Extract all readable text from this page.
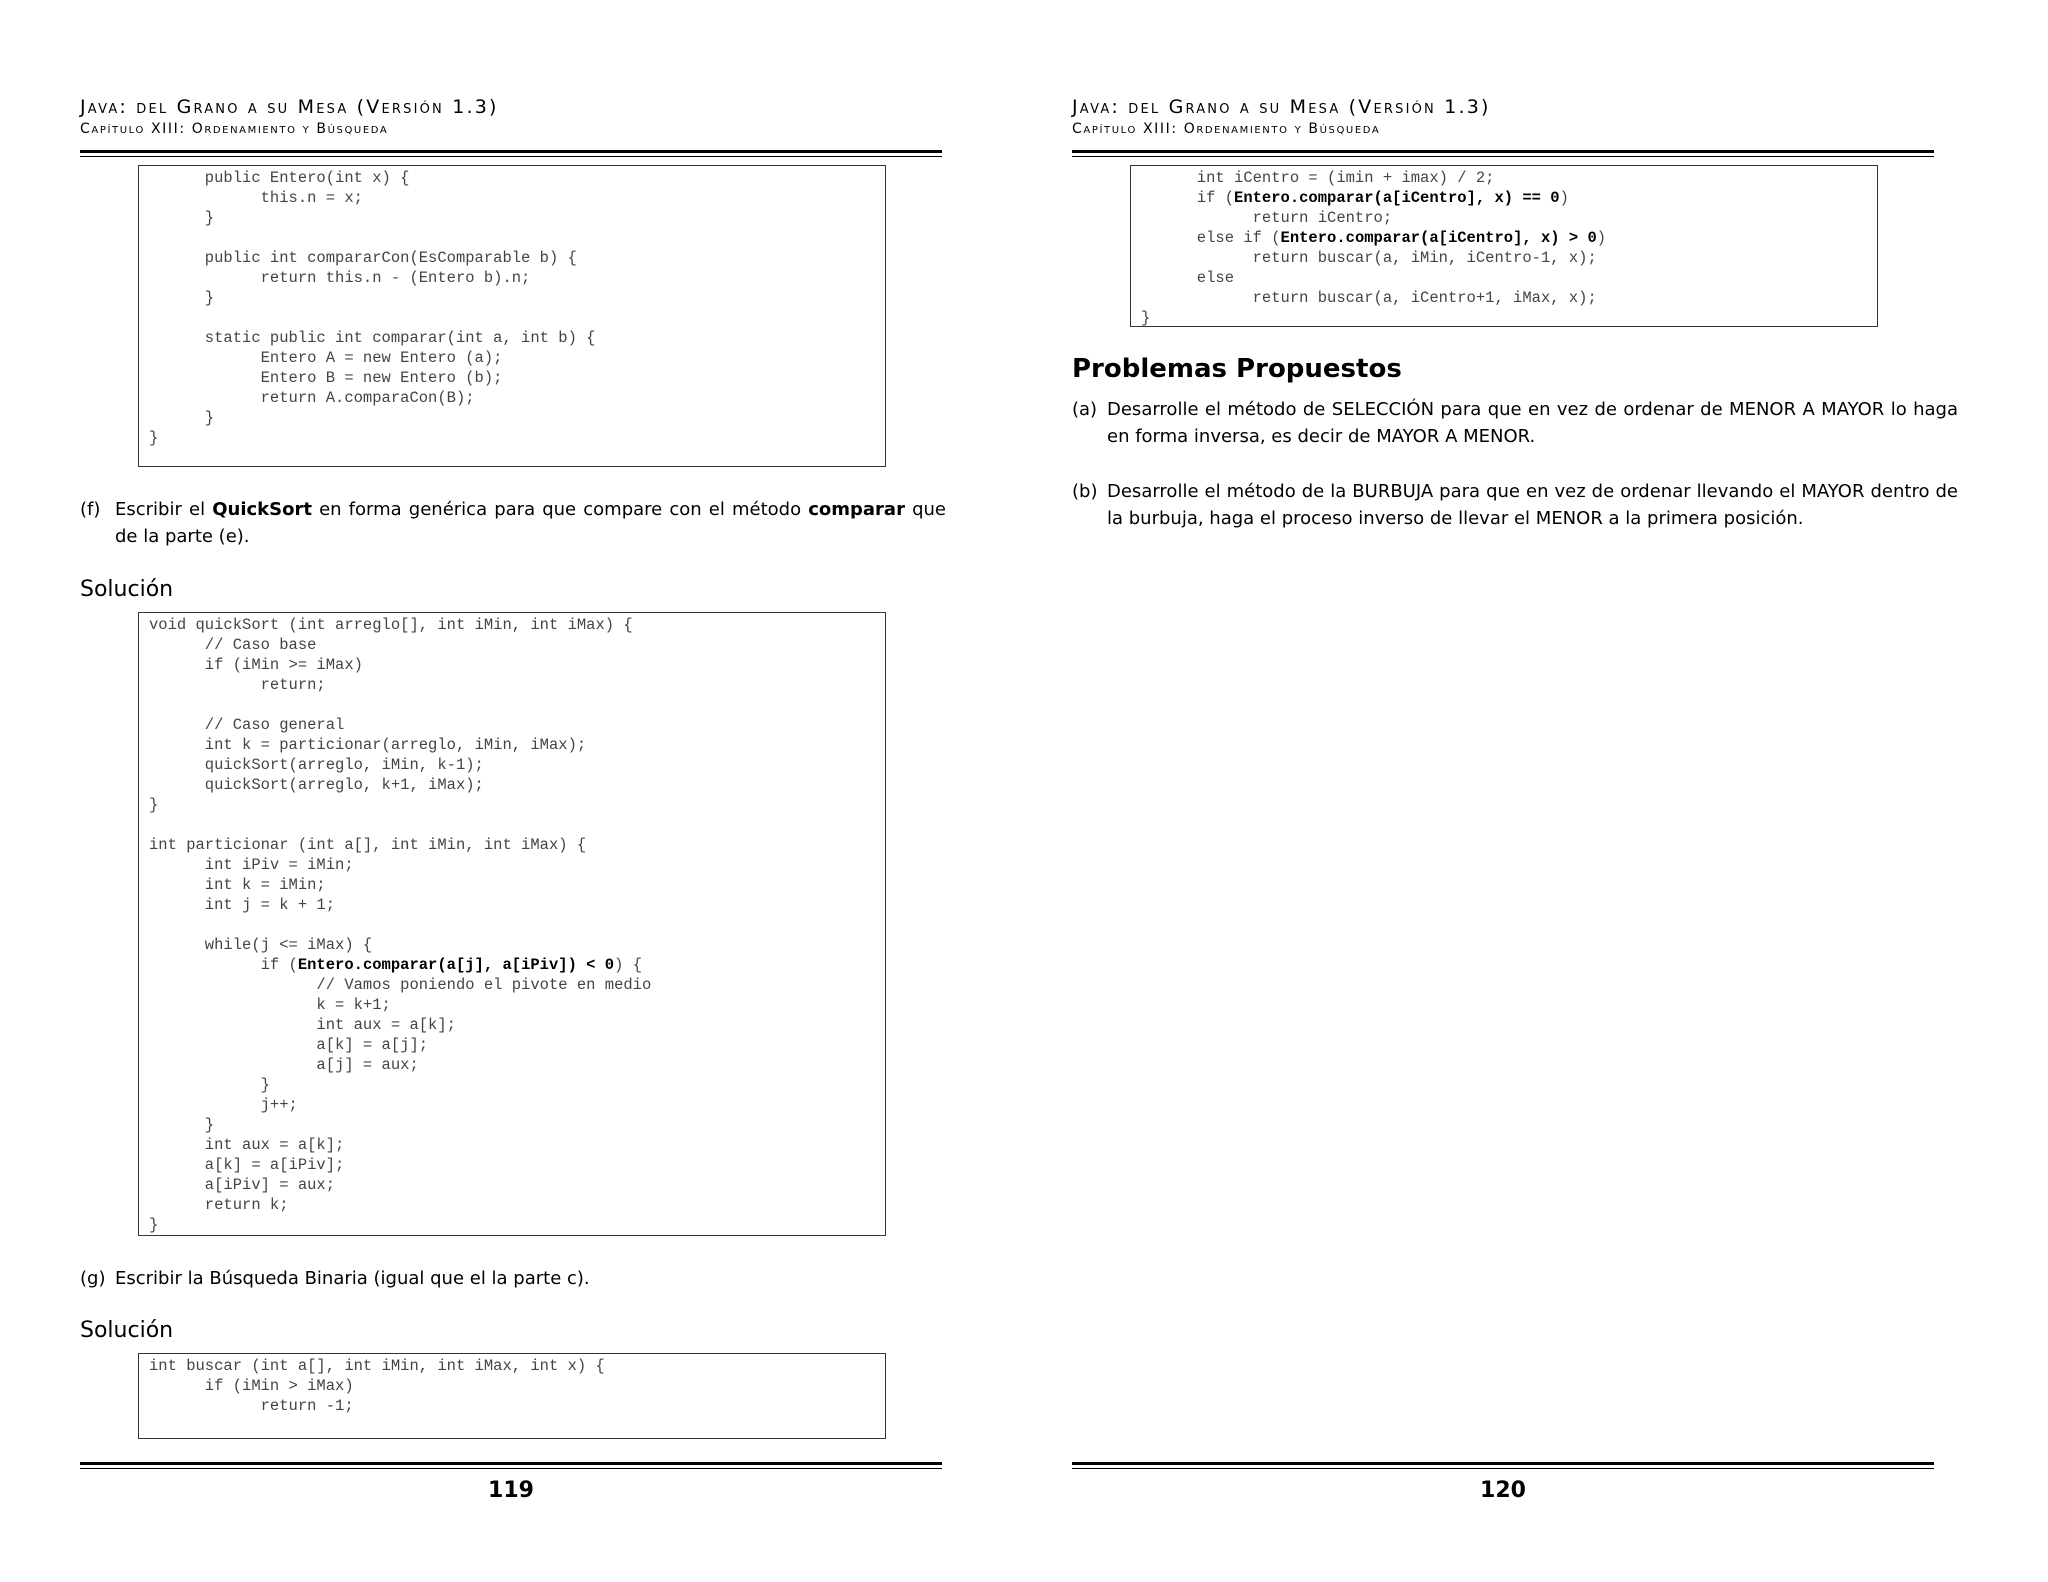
Java: del Grano a su Mesa (Versión 1.3)
Capítulo XIII: Ordenamiento y Búsqueda
public Entero(int x) {
this.n = x;
}

public int compararCon(EsComparable b) {
return this.n - (Entero b).n;
}

static public int comparar(int a, int b) {
Entero A = new Entero (a);
Entero B = new Entero (b);
return A.comparaCon(B);
}
}
(f) Escribir el QuickSort en forma genérica para que compare con el método comparar que de la parte (e).
Solución
void quickSort (int arreglo[], int iMin, int iMax) {
// Caso base
if (iMin >= iMax)
return;

// Caso general
int k = particionar(arreglo, iMin, iMax);
quickSort(arreglo, iMin, k-1);
quickSort(arreglo, k+1, iMax);
}

int particionar (int a[], int iMin, int iMax) {
int iPiv = iMin;
int k = iMin;
int j = k + 1;

while(j <= iMax) {
if (Entero.comparar(a[j], a[iPiv]) < 0) {
// Vamos poniendo el pivote en medio
k = k+1;
int aux = a[k];
a[k] = a[j];
a[j] = aux;
}
j++;
}
int aux = a[k];
a[k] = a[iPiv];
a[iPiv] = aux;
return k;
}
(g) Escribir la Búsqueda Binaria (igual que el la parte c).
Solución
int buscar (int a[], int iMin, int iMax, int x) {
if (iMin > iMax)
return -1;
119
Java: del Grano a su Mesa (Versión 1.3)
Capítulo XIII: Ordenamiento y Búsqueda
int iCentro = (imin + imax) / 2;
if (Entero.comparar(a[iCentro], x) == 0)
return iCentro;
else if (Entero.comparar(a[iCentro], x) > 0)
return buscar(a, iMin, iCentro-1, x);
else
return buscar(a, iCentro+1, iMax, x);
}
Problemas Propuestos
(a) Desarrolle el método de SELECCIÓN para que en vez de ordenar de MENOR A MAYOR lo haga en forma inversa, es decir de MAYOR A MENOR.
(b) Desarrolle el método de la BURBUJA para que en vez de ordenar llevando el MAYOR dentro de la burbuja, haga el proceso inverso de llevar el MENOR a la primera posición.
120
